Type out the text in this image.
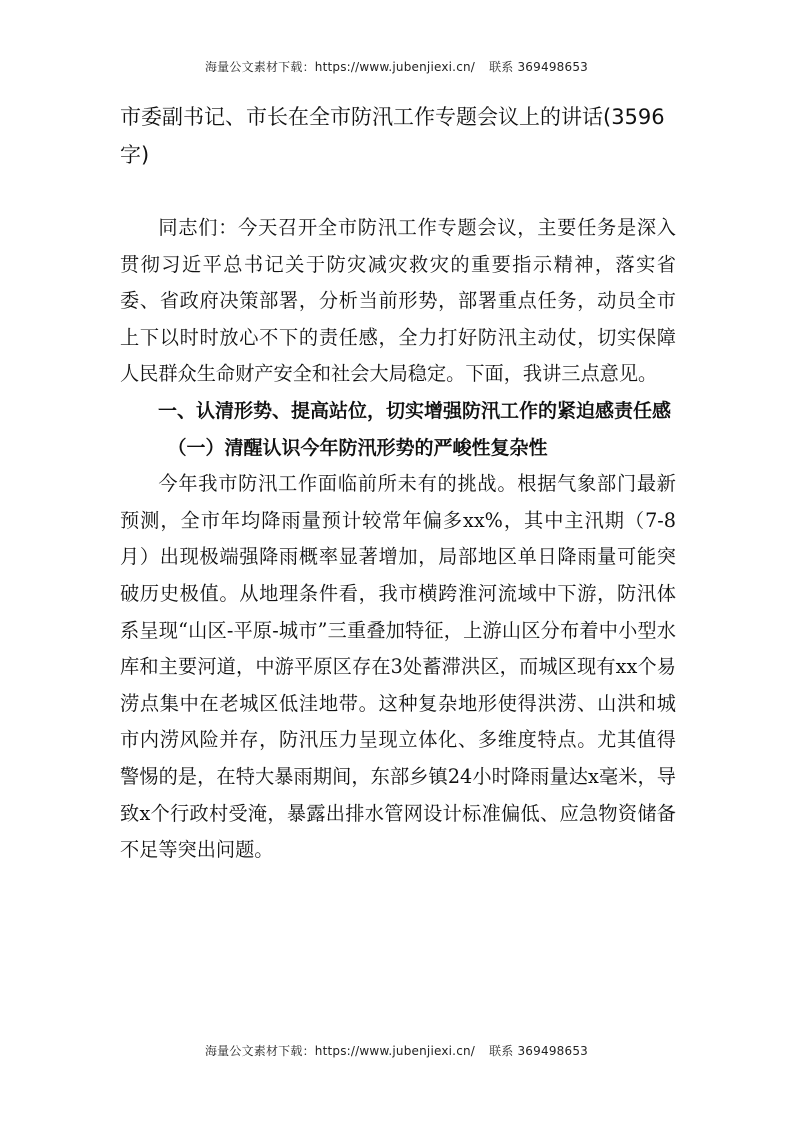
海量公文素材下载：https://www.jubenjiexi.cn/ 联系 369498653
市委副书记、市长在全市防汛工作专题会议上的讲话(3596字)

同志们：今天召开全市防汛工作专题会议，主要任务是深入贯彻习近平总书记关于防灾减灾救灾的重要指示精神，落实省委、省政府决策部署，分析当前形势，部署重点任务，动员全市上下以时时放心不下的责任感，全力打好防汛主动仗，切实保障人民群众生命财产安全和社会大局稳定。下面，我讲三点意见。

一、认清形势、提高站位，切实增强防汛工作的紧迫感责任感

（一）清醒认识今年防汛形势的严峻性复杂性

今年我市防汛工作面临前所未有的挑战。根据气象部门最新预测，全市年均降雨量预计较常年偏多xx%，其中主汛期（7-8月）出现极端强降雨概率显著增加，局部地区单日降雨量可能突破历史极值。从地理条件看，我市横跨淮河流域中下游，防汛体系呈现“山区-平原-城市”三重叠加特征，上游山区分布着中小型水库和主要河道，中游平原区存在3处蓄滞洪区，而城区现有xx个易涝点集中在老城区低洼地带。这种复杂地形使得洪涝、山洪和城市内涝风险并存，防汛压力呈现立体化、多维度特点。尤其值得警惕的是，在特大暴雨期间，东部乡镇24小时降雨量达x毫米，导致x个行政村受淹，暴露出排水管网设计标准偏低、应急物资储备不足等突出问题。

海量公文素材下载：https://www.jubenjiexi.cn/ 联系 369498653
